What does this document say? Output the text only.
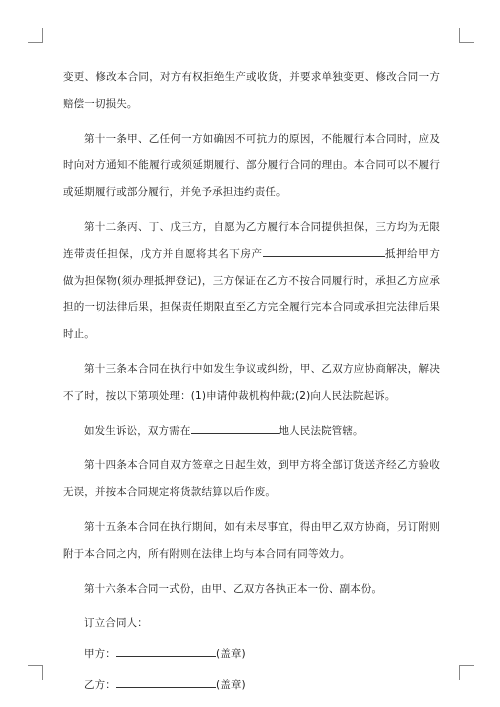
变更、修改本合同，对方有权拒绝生产或收货，并要求单独变更、修改合同一方赔偿一切损失。

第十一条甲、乙任何一方如确因不可抗力的原因，不能履行本合同时，应及时向对方通知不能履行或须延期履行、部分履行合同的理由。本合同可以不履行或延期履行或部分履行，并免予承担违约责任。

第十二条丙、丁、戊三方，自愿为乙方履行本合同提供担保，三方均为无限连带责任担保，戊方并自愿将其名下房产	抵押给甲方做为担保物(须办理抵押登记)，三方保证在乙方不按合同履行时，承担乙方应承担的一切法律后果，担保责任期限直至乙方完全履行完本合同或承担完法律后果时止。

第十三条本合同在执行中如发生争议或纠纷，甲、乙双方应协商解决，解决不了时，按以下第项处理：(1)申请仲裁机构仲裁;(2)向人民法院起诉。

如发生诉讼，双方需在	地人民法院管辖。

第十四条本合同自双方签章之日起生效，到甲方将全部订货送齐经乙方验收无误，并按本合同规定将货款结算以后作废。

第十五条本合同在执行期间，如有未尽事宜，得由甲乙双方协商，另订附则附于本合同之内，所有附则在法律上均与本合同有同等效力。

第十六条本合同一式份，由甲、乙双方各执正本一份、副本份。

订立合同人：
甲方：	(盖章)
乙方：	(盖章)
